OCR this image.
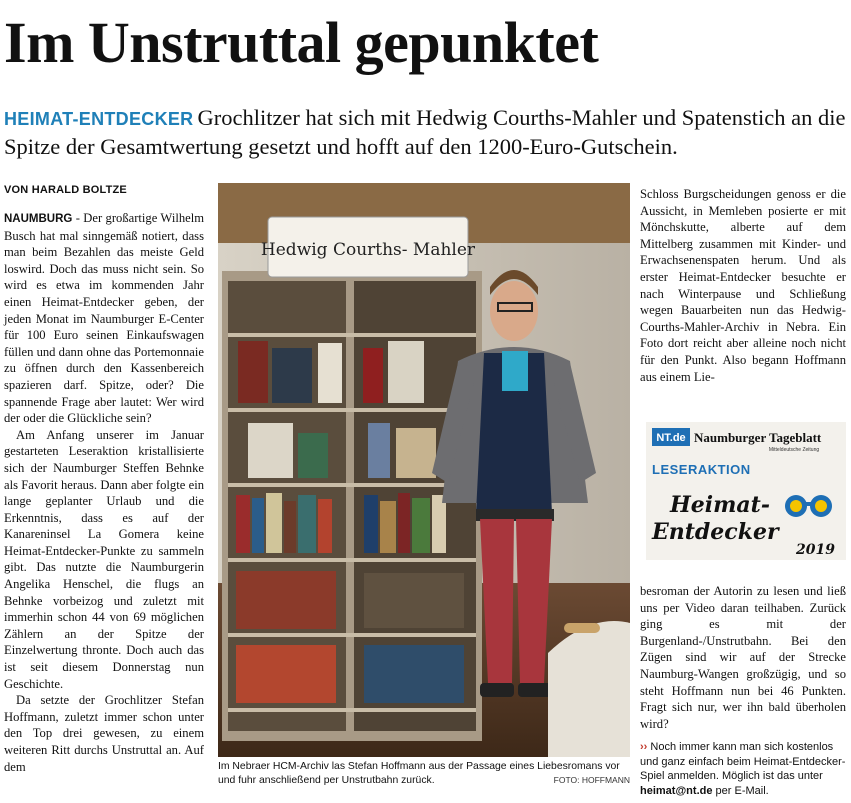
Im Unstruttal gepunktet
HEIMAT-ENTDECKER Grochlitzer hat sich mit Hedwig Courths-Mahler und Spatenstich an die Spitze der Gesamtwertung gesetzt und hofft auf den 1200-Euro-Gutschein.
VON HARALD BOLTZE

NAUMBURG - Der großartige Wilhelm Busch hat mal sinngemäß notiert, dass man beim Bezahlen das meiste Geld loswird. Doch das muss nicht sein. So wird es etwa im kommenden Jahr einen Heimat-Entdecker geben, der jeden Monat im Naumburger E-Center für 100 Euro seinen Einkaufswagen füllen und dann ohne das Portemonnaie zu öffnen durch den Kassenbereich spazieren darf. Spitze, oder? Die spannende Frage aber lautet: Wer wird der oder die Glückliche sein?

Am Anfang unserer im Januar gestarteten Leseraktion kristallisierte sich der Naumburger Steffen Behnke als Favorit heraus. Dann aber folgte ein lange geplanter Urlaub und die Erkenntnis, dass es auf der Kanareninsel La Gomera keine Heimat-Entdecker-Punkte zu sammeln gibt. Das nutzte die Naumburgerin Angelika Henschel, die flugs an Behnke vorbeizog und zuletzt mit immerhin schon 44 von 69 möglichen Zählern an der Spitze der Einzelwertung thronte. Doch auch das ist seit diesem Donnerstag nun Geschichte.

Da setzte der Grochlitzer Stefan Hoffmann, zuletzt immer schon unter den Top drei gewesen, zu einem weiteren Ritt durchs Unstruttal an. Auf dem

Hedwig Courths- Mahler
Im Nebraer HCM-Archiv las Stefan Hoffmann aus der Passage eines Liebesromans vor und fuhr anschließend per Unstrutbahn zurück.	FOTO: HOFFMANN

Schloss Burgscheidungen genoss er die Aussicht, in Memleben posierte er mit Mönchskutte, alberte auf dem Mittelberg zusammen mit Kinder- und Erwachsenenspaten herum. Und als erster Heimat-Entdecker besuchte er nach Winterpause und Schließung wegen Bauarbeiten nun das Hedwig-Courths-Mahler-Archiv in Nebra. Ein Foto dort reicht aber alleine noch nicht für den Punkt. Also begann Hoffmann aus einem Lie-

NT.de Naumburger Tageblatt
Mitteldeutsche Zeitung
LESERAKTION
Heimat-
Entdecker
2019

besroman der Autorin zu lesen und ließ uns per Video daran teilhaben. Zurück ging es mit der Burgenland-/Unstrutbahn. Bei den Zügen sind wir auf der Strecke Naumburg-Wangen großzügig, und so steht Hoffmann nun bei 46 Punkten. Fragt sich nur, wer ihn bald überholen wird?

›› Noch immer kann man sich kostenlos und ganz einfach beim Heimat-Entdecker-Spiel anmelden. Möglich ist das unter heimat@nt.de per E-Mail.
